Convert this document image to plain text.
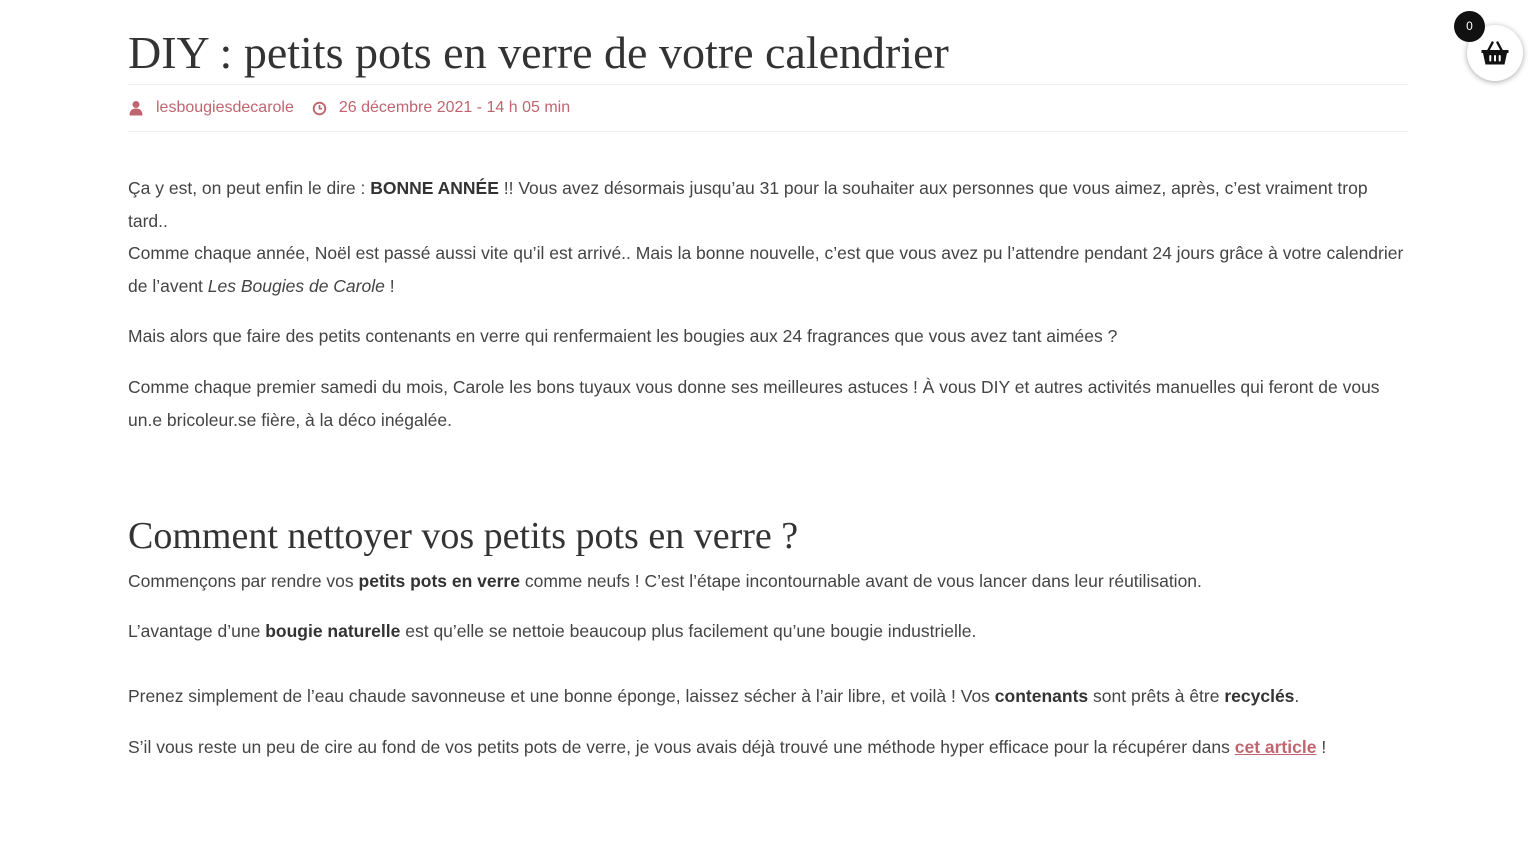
DIY : petits pots en verre de votre calendrier
lesbougiesdecarole	26 décembre 2021 - 14 h 05 min

Ça y est, on peut enfin le dire : BONNE ANNÉE !! Vous avez désormais jusqu’au 31 pour la souhaiter aux personnes que vous aimez, après, c’est vraiment trop tard..

Comme chaque année, Noël est passé aussi vite qu’il est arrivé.. Mais la bonne nouvelle, c’est que vous avez pu l’attendre pendant 24 jours grâce à votre calendrier de l’avent Les Bougies de Carole !

Mais alors que faire des petits contenants en verre qui renfermaient les bougies aux 24 fragrances que vous avez tant aimées ?

Comme chaque premier samedi du mois, Carole les bons tuyaux vous donne ses meilleures astuces ! À vous DIY et autres activités manuelles qui feront de vous un.e bricoleur.se fière, à la déco inégalée.

Comment nettoyer vos petits pots en verre ?

Commençons par rendre vos petits pots en verre comme neufs ! C’est l’étape incontournable avant de vous lancer dans leur réutilisation.

L’avantage d’une bougie naturelle est qu’elle se nettoie beaucoup plus facilement qu’une bougie industrielle.

Prenez simplement de l’eau chaude savonneuse et une bonne éponge, laissez sécher à l’air libre, et voilà ! Vos contenants sont prêts à être recyclés.

S’il vous reste un peu de cire au fond de vos petits pots de verre, je vous avais déjà trouvé une méthode hyper efficace pour la récupérer dans cet article !

0
